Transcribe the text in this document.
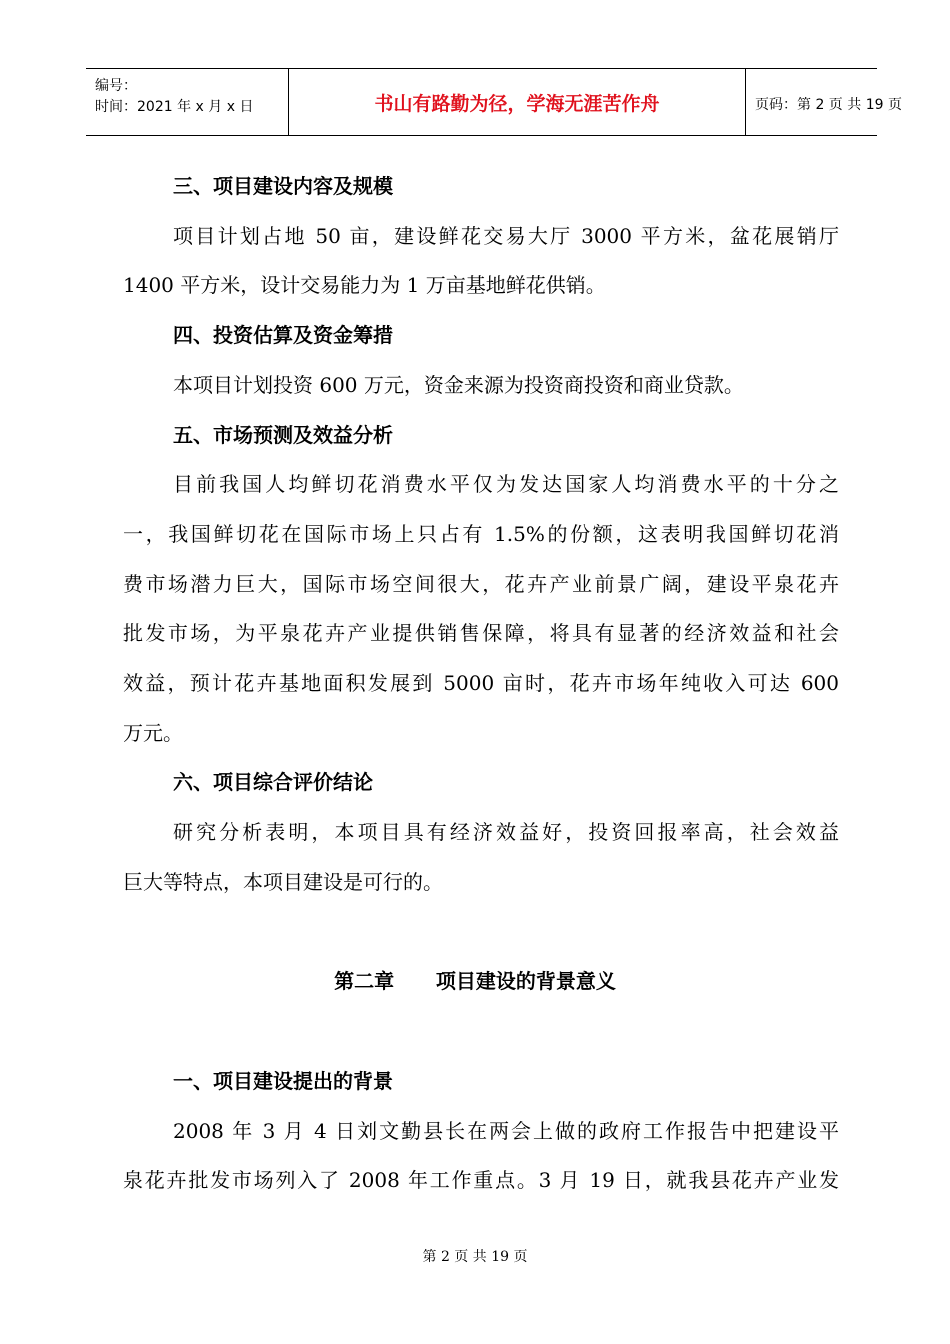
编号：
时间：2021 年 x 月 x 日	书山有路勤为径，学海无涯苦作舟	页码：第 2 页 共 19 页
三、项目建设内容及规模
项目计划占地 50 亩，建设鲜花交易大厅 3000 平方米，盆花展销厅
1400 平方米，设计交易能力为 1 万亩基地鲜花供销。
四、投资估算及资金筹措
本项目计划投资 600 万元，资金来源为投资商投资和商业贷款。
五、市场预测及效益分析
目前我国人均鲜切花消费水平仅为发达国家人均消费水平的十分之
一，我国鲜切花在国际市场上只占有 1.5%的份额，这表明我国鲜切花消
费市场潜力巨大，国际市场空间很大，花卉产业前景广阔，建设平泉花卉
批发市场，为平泉花卉产业提供销售保障，将具有显著的经济效益和社会
效益，预计花卉基地面积发展到 5000 亩时，花卉市场年纯收入可达 600
万元。
六、项目综合评价结论
研究分析表明，本项目具有经济效益好，投资回报率高，社会效益
巨大等特点，本项目建设是可行的。
第二章      项目建设的背景意义
一、项目建设提出的背景
2008 年 3 月 4 日刘文勤县长在两会上做的政府工作报告中把建设平
泉花卉批发市场列入了 2008 年工作重点。3 月 19 日，就我县花卉产业发
第 2 页 共 19 页
